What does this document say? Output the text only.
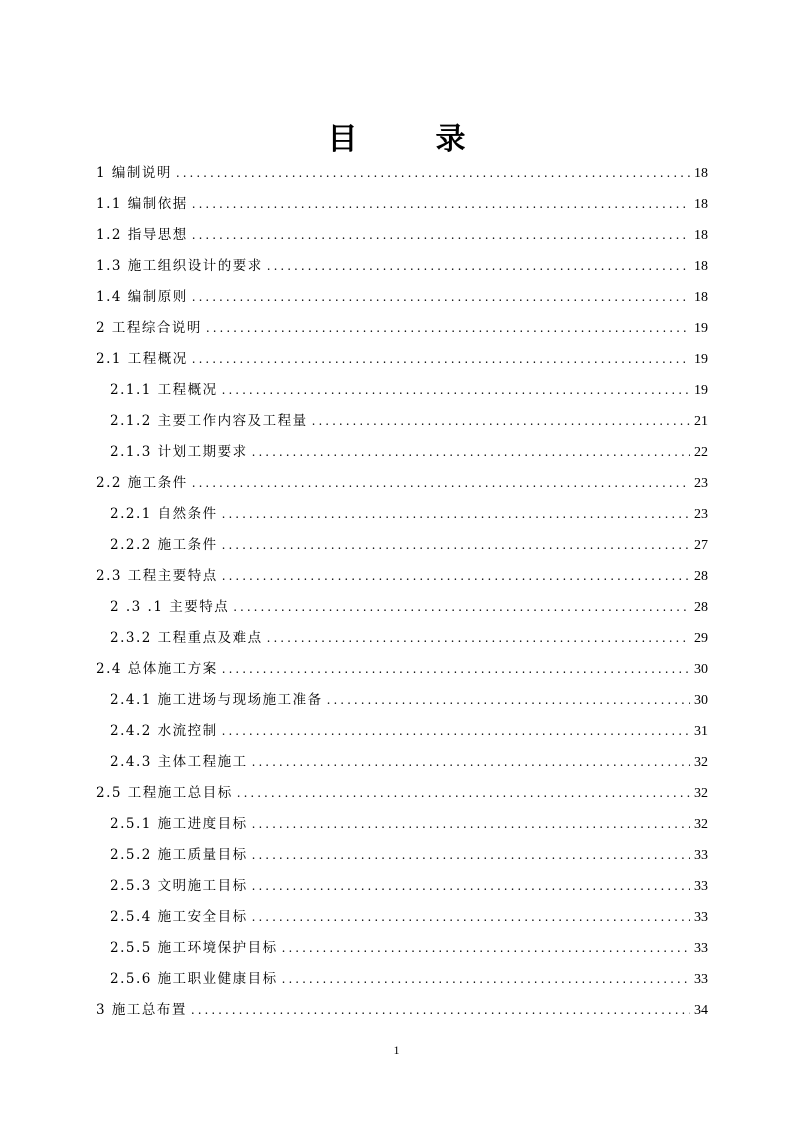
目　录
1 编制说明 .....	18
1.1 编制依据 .....	18
1.2 指导思想 .....	18
1.3 施工组织设计的要求 .....	18
1.4 编制原则 .....	18
2 工程综合说明 .....	19
2.1 工程概况 .....	19
2.1.1 工程概况 .....	19
2.1.2 主要工作内容及工程量 .....	21
2.1.3 计划工期要求 .....	22
2.2 施工条件 .....	23
2.2.1 自然条件 .....	23
2.2.2 施工条件 .....	27
2.3 工程主要特点 .....	28
2 .3 .1 主要特点 .....	28
2.3.2 工程重点及难点 .....	29
2.4 总体施工方案 .....	30
2.4.1 施工进场与现场施工准备 .....	30
2.4.2 水流控制 .....	31
2.4.3 主体工程施工 .....	32
2.5 工程施工总目标 .....	32
2.5.1 施工进度目标 .....	32
2.5.2 施工质量目标 .....	33
2.5.3 文明施工目标 .....	33
2.5.4 施工安全目标 .....	33
2.5.5 施工环境保护目标 .....	33
2.5.6 施工职业健康目标 .....	33
3 施工总布置 .....	34
1
